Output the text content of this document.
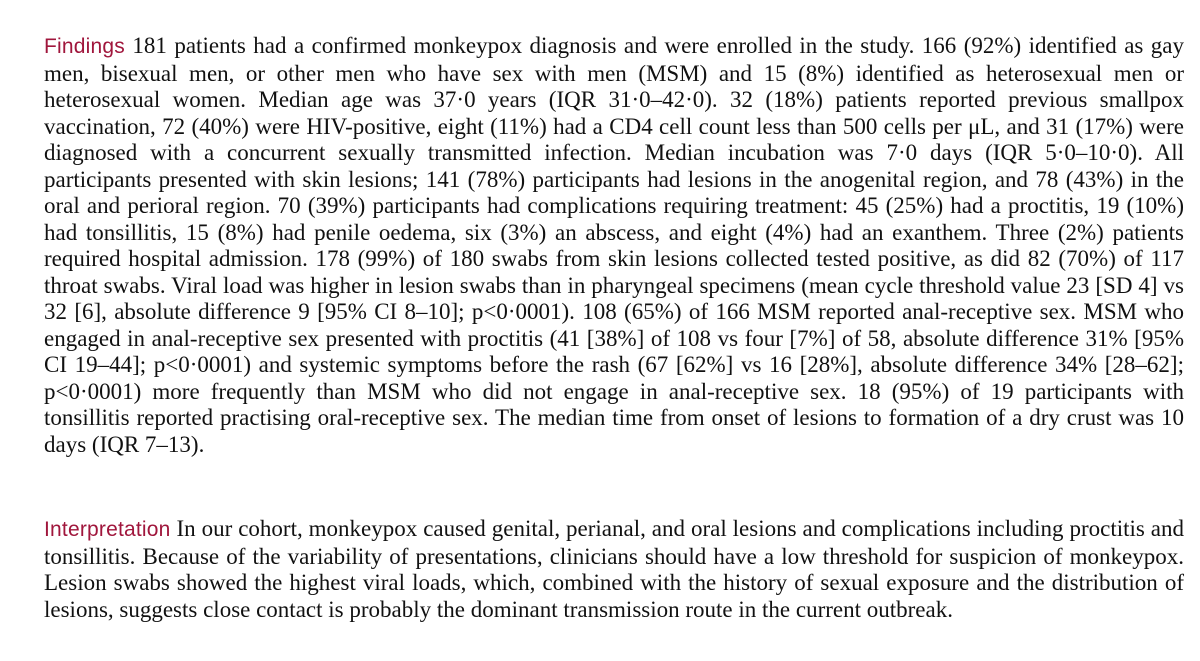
Findings 181 patients had a confirmed monkeypox diagnosis and were enrolled in the study. 166 (92%) identified as gay men, bisexual men, or other men who have sex with men (MSM) and 15 (8%) identified as heterosexual men or heterosexual women. Median age was 37·0 years (IQR 31·0–42·0). 32 (18%) patients reported previous smallpox vaccination, 72 (40%) were HIV-positive, eight (11%) had a CD4 cell count less than 500 cells per μL, and 31 (17%) were diagnosed with a concurrent sexually transmitted infection. Median incubation was 7·0 days (IQR 5·0–10·0). All participants presented with skin lesions; 141 (78%) participants had lesions in the anogenital region, and 78 (43%) in the oral and perioral region. 70 (39%) participants had complications requiring treatment: 45 (25%) had a proctitis, 19 (10%) had tonsillitis, 15 (8%) had penile oedema, six (3%) an abscess, and eight (4%) had an exanthem. Three (2%) patients required hospital admission. 178 (99%) of 180 swabs from skin lesions collected tested positive, as did 82 (70%) of 117 throat swabs. Viral load was higher in lesion swabs than in pharyngeal specimens (mean cycle threshold value 23 [SD 4] vs 32 [6], absolute difference 9 [95% CI 8–10]; p<0·0001). 108 (65%) of 166 MSM reported anal-receptive sex. MSM who engaged in anal-receptive sex presented with proctitis (41 [38%] of 108 vs four [7%] of 58, absolute difference 31% [95% CI 19–44]; p<0·0001) and systemic symptoms before the rash (67 [62%] vs 16 [28%], absolute difference 34% [28–62]; p<0·0001) more frequently than MSM who did not engage in anal-receptive sex. 18 (95%) of 19 participants with tonsillitis reported practising oral-receptive sex. The median time from onset of lesions to formation of a dry crust was 10 days (IQR 7–13).

Interpretation In our cohort, monkeypox caused genital, perianal, and oral lesions and complications including proctitis and tonsillitis. Because of the variability of presentations, clinicians should have a low threshold for suspicion of monkeypox. Lesion swabs showed the highest viral loads, which, combined with the history of sexual exposure and the distribution of lesions, suggests close contact is probably the dominant transmission route in the current outbreak.
